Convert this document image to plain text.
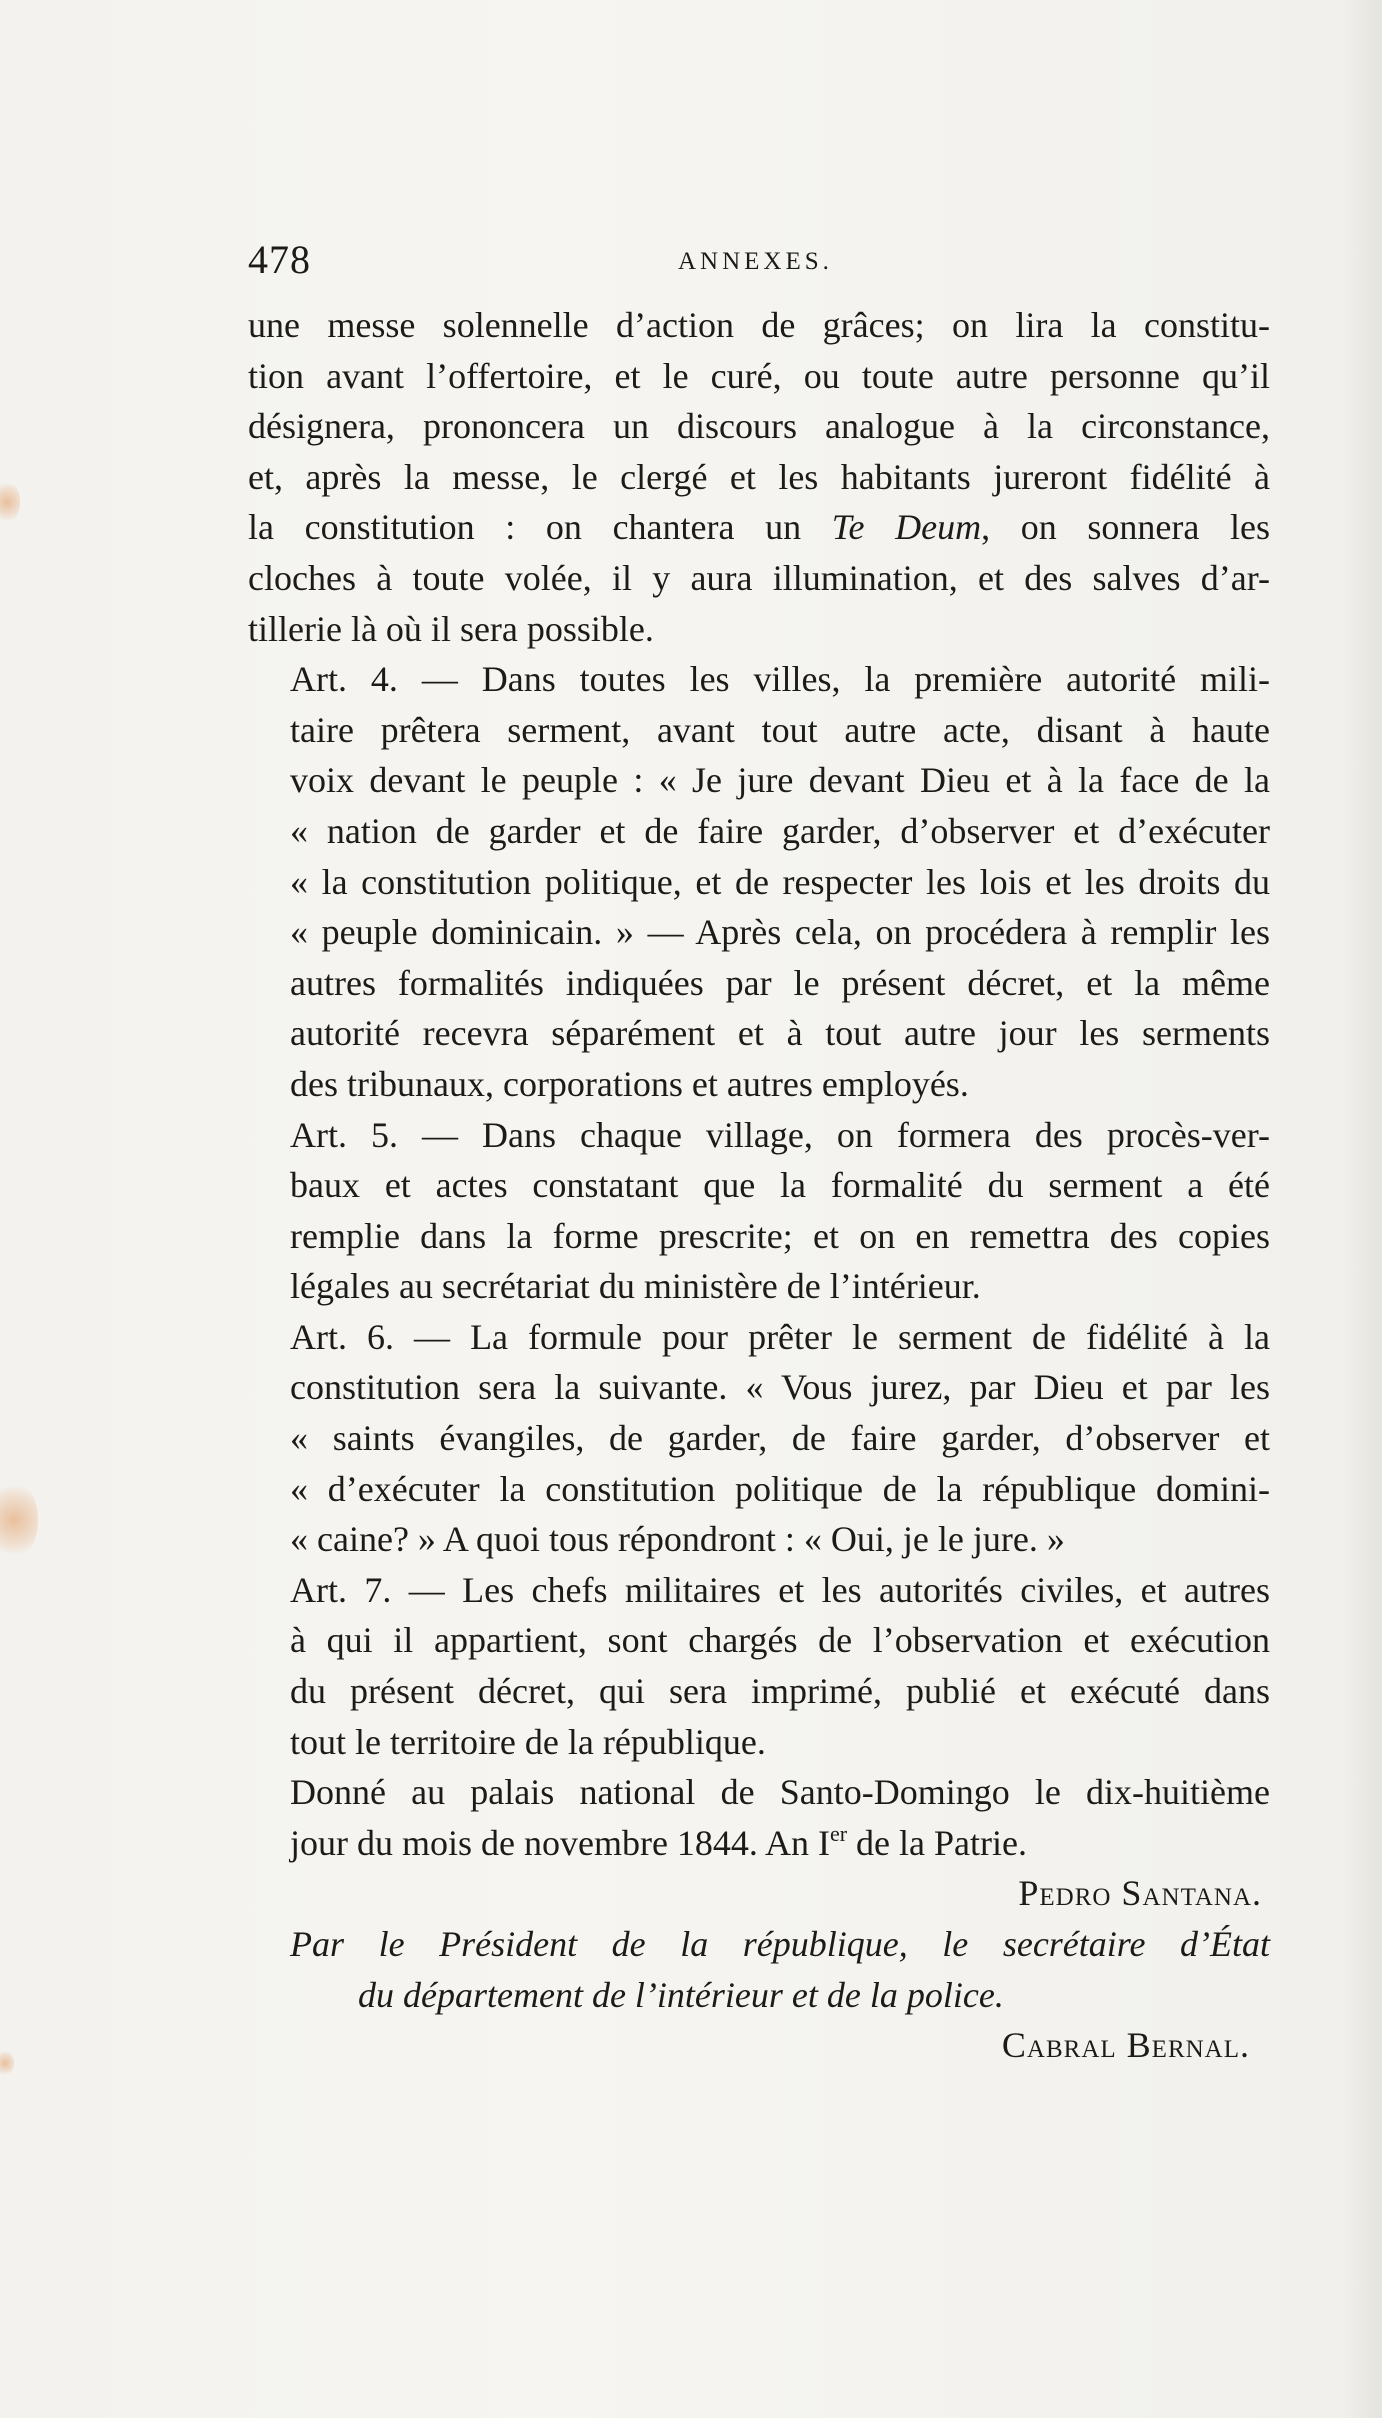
478	ANNEXES.

une messe solennelle d’action de grâces; on lira la constitu-
tion avant l’offertoire, et le curé, ou toute autre personne qu’il
désignera, prononcera un discours analogue à la circonstance,
et, après la messe, le clergé et les habitants jureront fidélité à
la constitution : on chantera un Te Deum, on sonnera les
cloches à toute volée, il y aura illumination, et des salves d’ar-
tillerie là où il sera possible.

Art. 4. — Dans toutes les villes, la première autorité mili-
taire prêtera serment, avant tout autre acte, disant à haute
voix devant le peuple : « Je jure devant Dieu et à la face de la
« nation de garder et de faire garder, d’observer et d’exécuter
« la constitution politique, et de respecter les lois et les droits du
« peuple dominicain. » — Après cela, on procédera à remplir les
autres formalités indiquées par le présent décret, et la même
autorité recevra séparément et à tout autre jour les serments
des tribunaux, corporations et autres employés.

Art. 5. — Dans chaque village, on formera des procès-ver-
baux et actes constatant que la formalité du serment a été
remplie dans la forme prescrite; et on en remettra des copies
légales au secrétariat du ministère de l’intérieur.

Art. 6. — La formule pour prêter le serment de fidélité à la
constitution sera la suivante. « Vous jurez, par Dieu et par les
« saints évangiles, de garder, de faire garder, d’observer et
« d’exécuter la constitution politique de la république domini-
« caine? » A quoi tous répondront : « Oui, je le jure. »

Art. 7. — Les chefs militaires et les autorités civiles, et autres
à qui il appartient, sont chargés de l’observation et exécution
du présent décret, qui sera imprimé, publié et exécuté dans
tout le territoire de la république.

Donné au palais national de Santo-Domingo le dix-huitième
jour du mois de novembre 1844. An Ier de la Patrie.

Pedro Santana.
Par le Président de la république, le secrétaire d’État
du département de l’intérieur et de la police.
Cabral Bernal.
